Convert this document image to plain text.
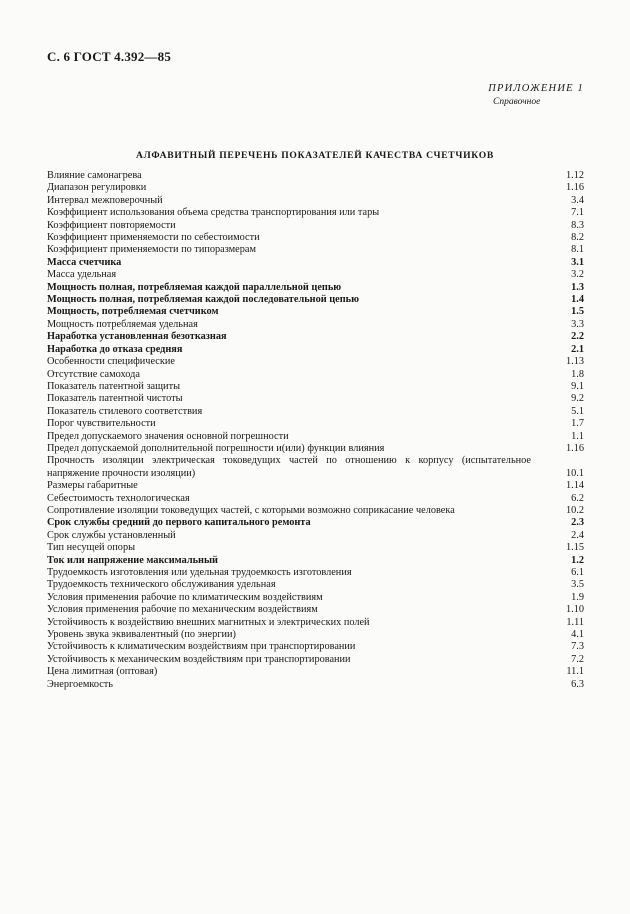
С. 6 ГОСТ 4.392—85
ПРИЛОЖЕНИЕ 1
Справочное
АЛФАВИТНЫЙ ПЕРЕЧЕНЬ ПОКАЗАТЕЛЕЙ КАЧЕСТВА СЧЕТЧИКОВ
Влияние самонагрева	1.12
Диапазон регулировки	1.16
Интервал межповерочный	3.4
Коэффициент использования объема средства транспортирования или тары	7.1
Коэффициент повторяемости	8.3
Коэффициент применяемости по себестоимости	8.2
Коэффициент применяемости по типоразмерам	8.1
Масса счетчика	3.1
Масса удельная	3.2
Мощность полная, потребляемая каждой параллельной цепью	1.3
Мощность полная, потребляемая каждой последовательной цепью	1.4
Мощность, потребляемая счетчиком	1.5
Мощность потребляемая удельная	3.3
Наработка установленная безотказная	2.2
Наработка до отказа средняя	2.1
Особенности специфические	1.13
Отсутствие самохода	1.8
Показатель патентной защиты	9.1
Показатель патентной чистоты	9.2
Показатель стилевого соответствия	5.1
Порог чувствительности	1.7
Предел допускаемого значения основной погрешности	1.1
Предел допускаемой дополнительной погрешности и(или) функции влияния	1.16
Прочность изоляции электрическая токоведущих частей по отношению к корпусу (испытательное напряжение прочности изоляции)	10.1
Размеры габаритные	1.14
Себестоимость технологическая	6.2
Сопротивление изоляции токоведущих частей, с которыми возможно соприкасание человека	10.2
Срок службы средний до первого капитального ремонта	2.3
Срок службы установленный	2.4
Тип несущей опоры	1.15
Ток или напряжение максимальный	1.2
Трудоемкость изготовления или удельная трудоемкость изготовления	6.1
Трудоемкость технического обслуживания удельная	3.5
Условия применения рабочие по климатическим воздействиям	1.9
Условия применения рабочие по механическим воздействиям	1.10
Устойчивость к воздействию внешних магнитных и электрических полей	1.11
Уровень звука эквивалентный (по энергии)	4.1
Устойчивость к климатическим воздействиям при транспортировании	7.3
Устойчивость к механическим воздействиям при транспортировании	7.2
Цена лимитная (оптовая)	11.1
Энергоемкость	6.3
